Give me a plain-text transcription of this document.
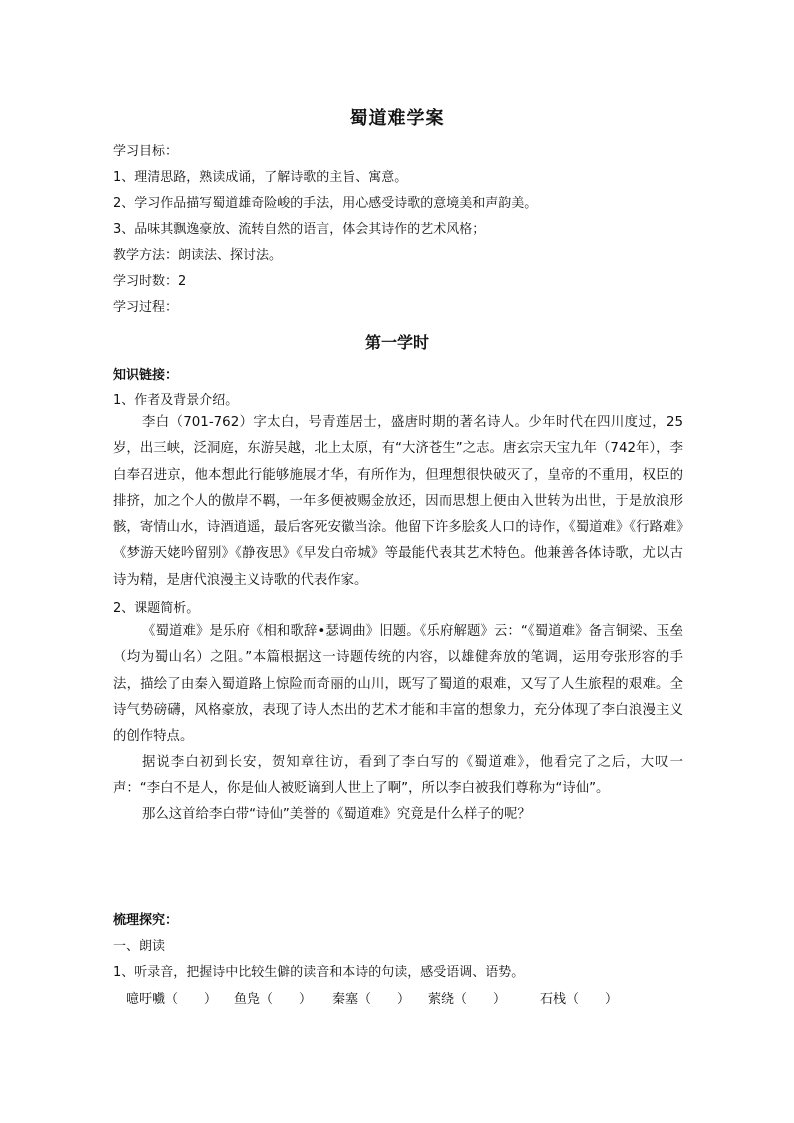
蜀道难学案
学习目标：
1、理清思路，熟读成诵，了解诗歌的主旨、寓意。
2、学习作品描写蜀道雄奇险峻的手法，用心感受诗歌的意境美和声韵美。
3、品味其飘逸豪放、流转自然的语言，体会其诗作的艺术风格；
教学方法：朗读法、探讨法。
学习时数：2
学习过程：
第一学时
知识链接：
1、作者及背景介绍。
李白（701-762）字太白，号青莲居士，盛唐时期的著名诗人。少年时代在四川度过，25岁，出三峡，泛洞庭，东游吴越，北上太原，有“大济苍生”之志。唐玄宗天宝九年（742年），李白奉召进京，他本想此行能够施展才华，有所作为，但理想很快破灭了，皇帝的不重用，权臣的排挤，加之个人的傲岸不羁，一年多便被赐金放还，因而思想上便由入世转为出世，于是放浪形骸，寄情山水，诗酒逍遥，最后客死安徽当涂。他留下许多脍炙人口的诗作，《蜀道难》《行路难》《梦游天姥吟留别》《静夜思》《早发白帝城》等最能代表其艺术特色。他兼善各体诗歌，尤以古诗为精，是唐代浪漫主义诗歌的代表作家。
2、课题简析。
《蜀道难》是乐府《相和歌辞•瑟调曲》旧题。《乐府解题》云：“《蜀道难》备言铜梁、玉垒（均为蜀山名）之阻。”本篇根据这一诗题传统的内容，以雄健奔放的笔调，运用夸张形容的手法，描绘了由秦入蜀道路上惊险而奇丽的山川，既写了蜀道的艰难，又写了人生旅程的艰难。全诗气势磅礴，风格豪放，表现了诗人杰出的艺术才能和丰富的想象力，充分体现了李白浪漫主义的创作特点。
据说李白初到长安，贺知章往访，看到了李白写的《蜀道难》，他看完了之后，大叹一声：“李白不是人，你是仙人被贬谪到人世上了啊”，所以李白被我们尊称为“诗仙”。
那么这首给李白带“诗仙”美誉的《蜀道难》究竟是什么样子的呢？
梳理探究：
一、朗读
1、听录音，把握诗中比较生僻的读音和本诗的句读，感受语调、语势。
噫吁嚱（　　） 鱼凫（　　） 秦塞（　　） 萦绕（　　）	石栈（　　）
